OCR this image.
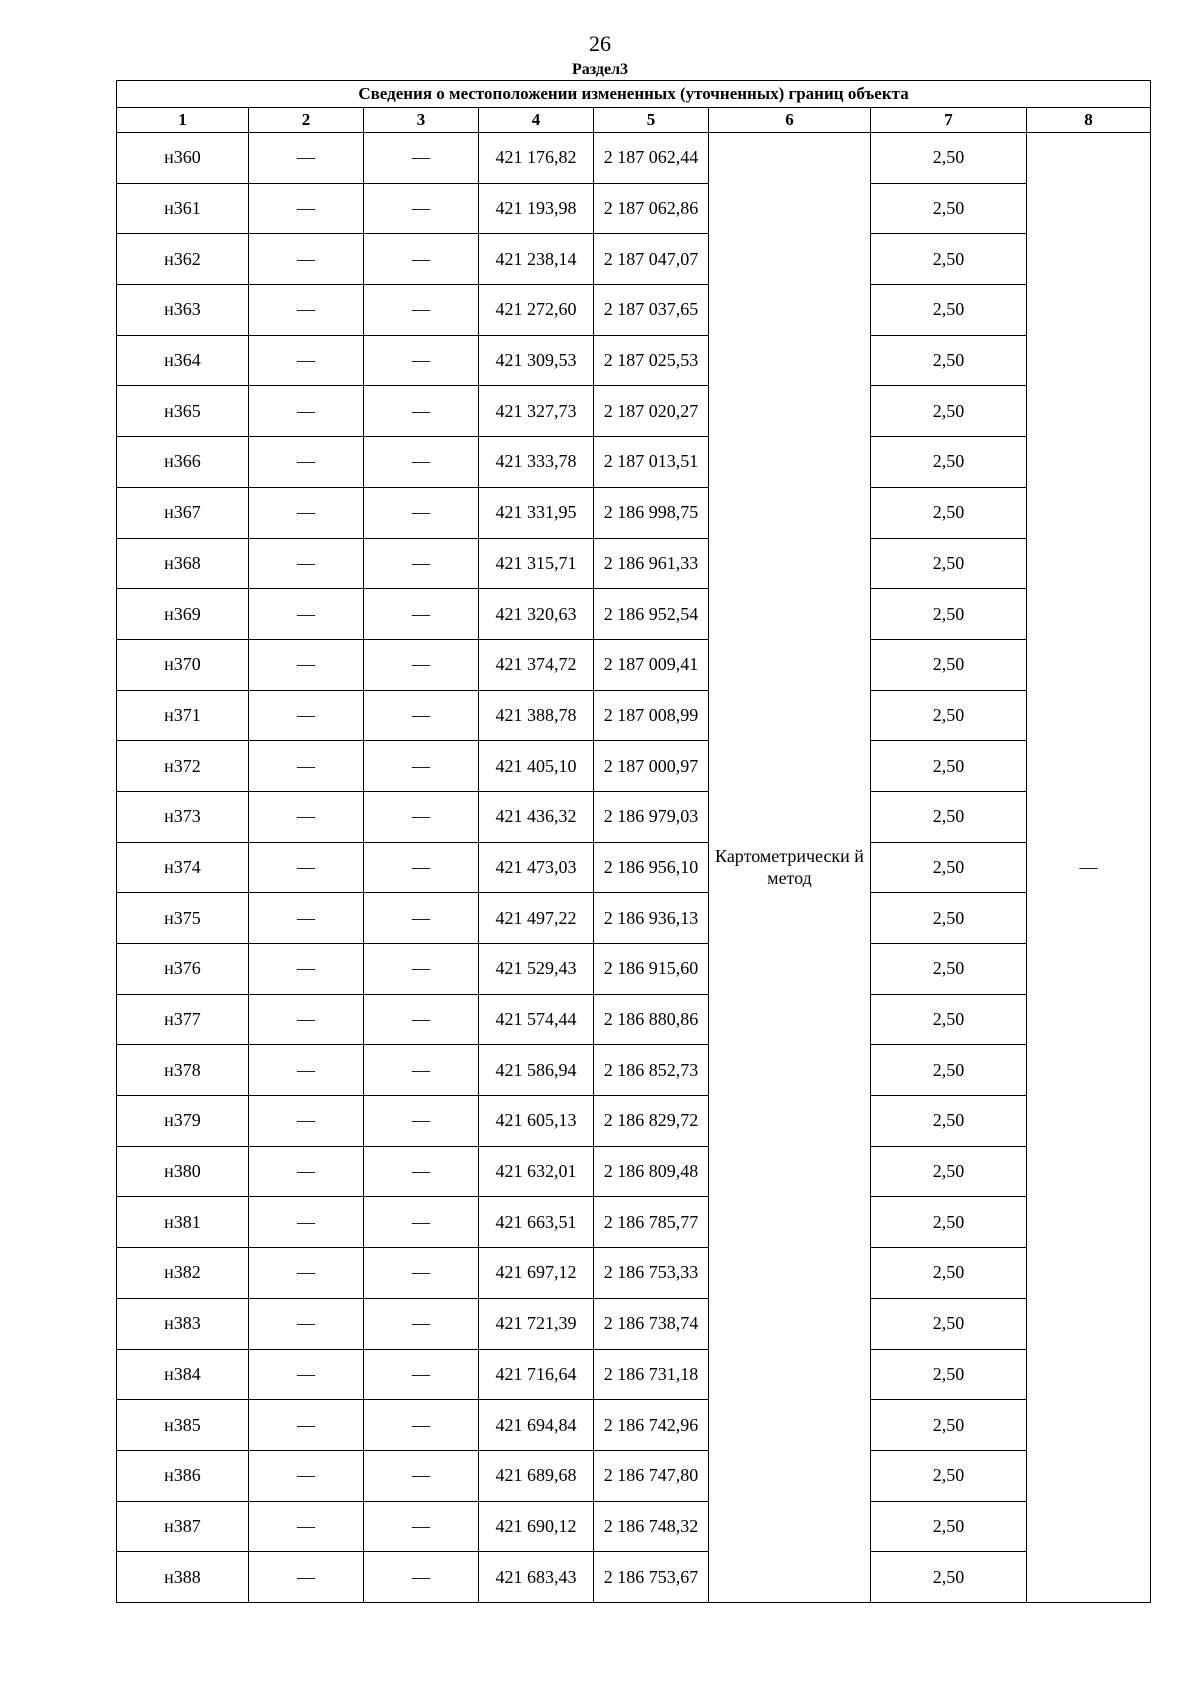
26
Раздел3
Сведения о местоположении измененных (уточненных) границ объекта							
1	2	3	4	5	6	7	8
н360	—	—	421 176,82	2 187 062,44	Картометрически й метод	2,50	—
н361	—	—	421 193,98	2 187 062,86		2,50	
н362	—	—	421 238,14	2 187 047,07		2,50	
н363	—	—	421 272,60	2 187 037,65		2,50	
н364	—	—	421 309,53	2 187 025,53		2,50	
н365	—	—	421 327,73	2 187 020,27		2,50	
н366	—	—	421 333,78	2 187 013,51		2,50	
н367	—	—	421 331,95	2 186 998,75		2,50	
н368	—	—	421 315,71	2 186 961,33		2,50	
н369	—	—	421 320,63	2 186 952,54		2,50	
н370	—	—	421 374,72	2 187 009,41		2,50	
н371	—	—	421 388,78	2 187 008,99		2,50	
н372	—	—	421 405,10	2 187 000,97		2,50	
н373	—	—	421 436,32	2 186 979,03		2,50	
н374	—	—	421 473,03	2 186 956,10		2,50	
н375	—	—	421 497,22	2 186 936,13		2,50	
н376	—	—	421 529,43	2 186 915,60		2,50	
н377	—	—	421 574,44	2 186 880,86		2,50	
н378	—	—	421 586,94	2 186 852,73		2,50	
н379	—	—	421 605,13	2 186 829,72		2,50	
н380	—	—	421 632,01	2 186 809,48		2,50	
н381	—	—	421 663,51	2 186 785,77		2,50	
н382	—	—	421 697,12	2 186 753,33		2,50	
н383	—	—	421 721,39	2 186 738,74		2,50	
н384	—	—	421 716,64	2 186 731,18		2,50	
н385	—	—	421 694,84	2 186 742,96		2,50	
н386	—	—	421 689,68	2 186 747,80		2,50	
н387	—	—	421 690,12	2 186 748,32		2,50	
н388	—	—	421 683,43	2 186 753,67		2,50	
